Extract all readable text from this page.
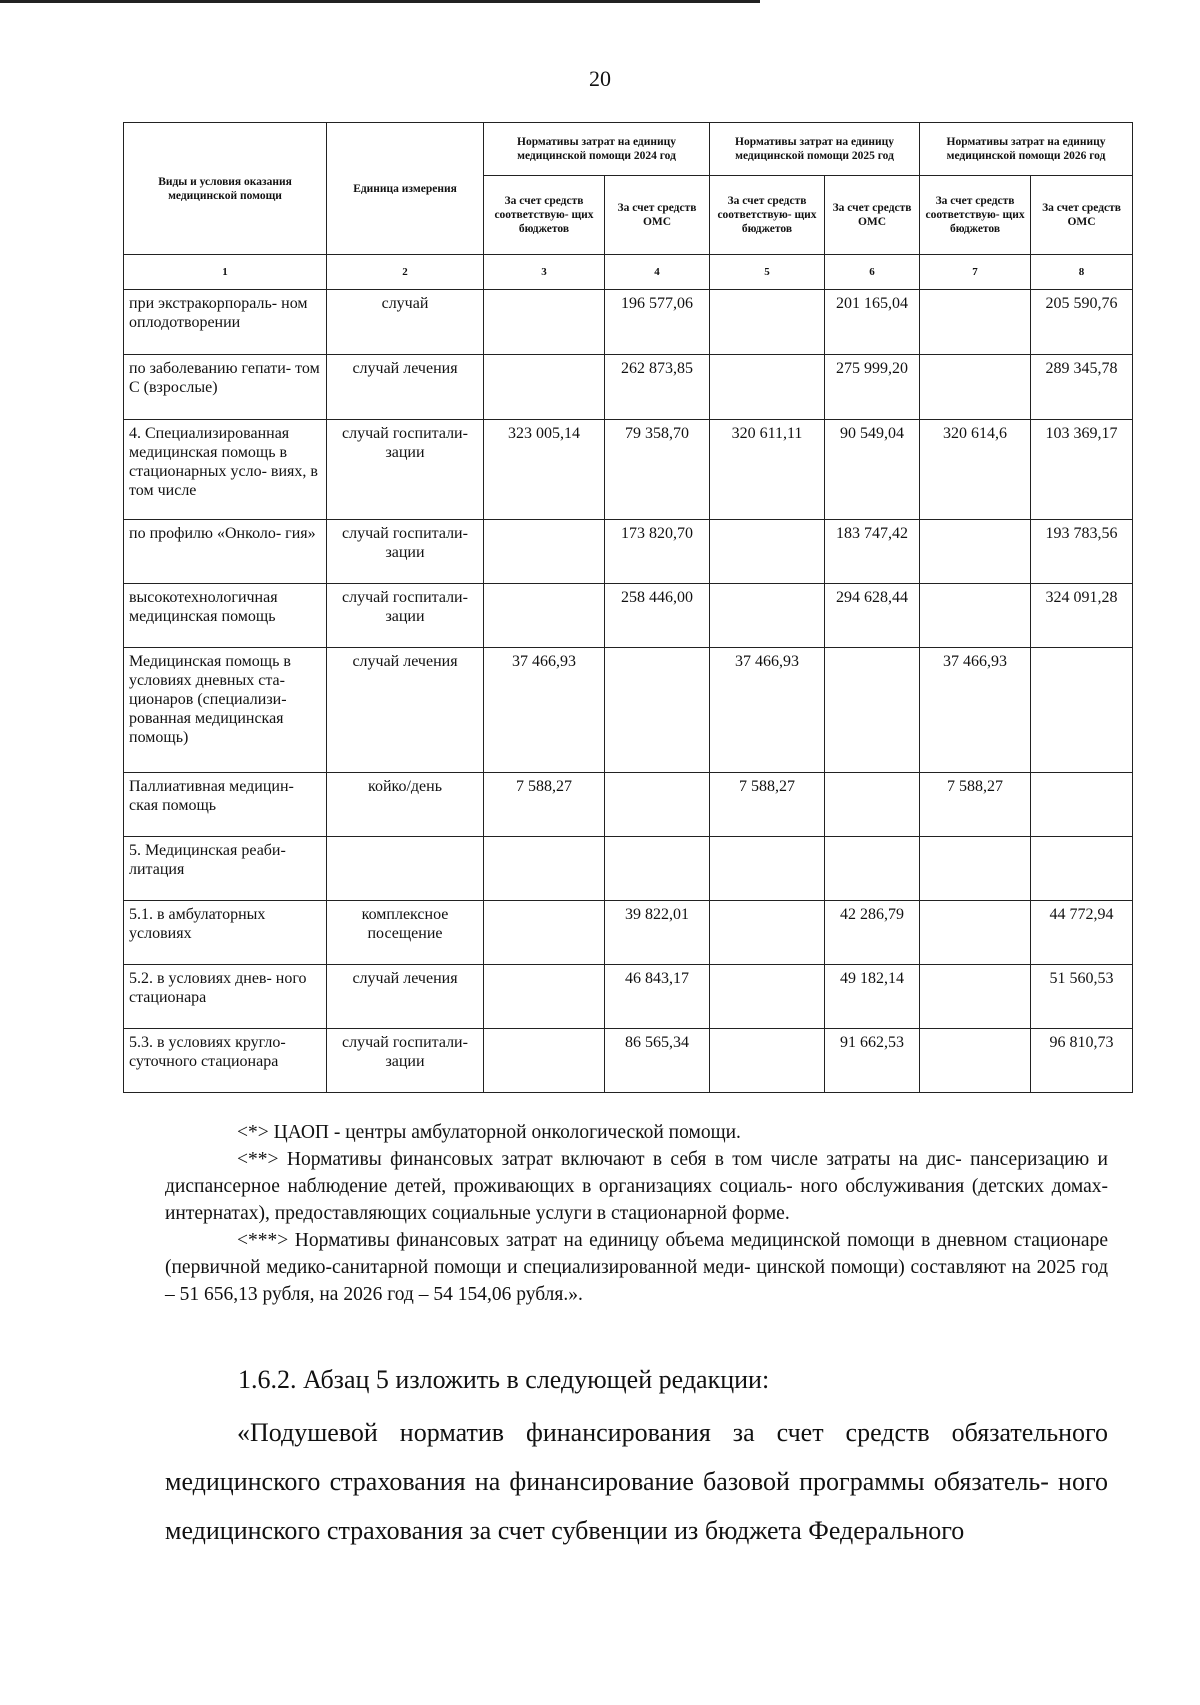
20
Виды и условия оказания медицинской помощи	Единица измерения	Нормативы затрат на единицу медицинской помощи 2024 год		Нормативы затрат на единицу медицинской помощи 2025 год		Нормативы затрат на единицу медицинской помощи 2026 год	
		За счет средств соответствую- щих бюджетов	За счет средств ОМС	За счет средств соответствую- щих бюджетов	За счет средств ОМС	За счет средств соответствую- щих бюджетов	За счет средств ОМС
1	2	3	4	5	6	7	8
при экстракорпораль- ном оплодотворении	случай		196 577,06		201 165,04		205 590,76
по заболеванию гепати- том С (взрослые)	случай лечения		262 873,85		275 999,20		289 345,78
4. Специализированная медицинская помощь в стационарных усло- виях, в том числе	случай госпитали- зации	323 005,14	79 358,70	320 611,11	90 549,04	320 614,6	103 369,17
по профилю «Онколо- гия»	случай госпитали- зации		173 820,70		183 747,42		193 783,56
высокотехнологичная медицинская помощь	случай госпитали- зации		258 446,00		294 628,44		324 091,28
Медицинская помощь в условиях дневных ста- ционаров (специализи- рованная медицинская помощь)	случай лечения	37 466,93		37 466,93		37 466,93	
Паллиативная медицин- ская помощь	койко/день	7 588,27		7 588,27		7 588,27	
5. Медицинская реаби- литация							
5.1. в амбулаторных условиях	комплексное посещение		39 822,01		42 286,79		44 772,94
5.2. в условиях днев- ного стационара	случай лечения		46 843,17		49 182,14		51 560,53
5.3. в условиях кругло- суточного стационара	случай госпитали- зации		86 565,34		91 662,53		96 810,73

<*> ЦАОП - центры амбулаторной онкологической помощи.

<**> Нормативы финансовых затрат включают в себя в том числе затраты на дис- пансеризацию и диспансерное наблюдение детей, проживающих в организациях социаль- ного обслуживания (детских домах-интернатах), предоставляющих социальные услуги в стационарной форме.

<***> Нормативы финансовых затрат на единицу объема медицинской помощи в дневном стационаре (первичной медико-санитарной помощи и специализированной меди- цинской помощи) составляют на 2025 год – 51 656,13 рубля, на 2026 год – 54 154,06 рубля.».

1.6.2. Абзац 5 изложить в следующей редакции:

«Подушевой норматив финансирования за счет средств обязательного медицинского страхования на финансирование базовой программы обязатель- ного медицинского страхования за счет субвенции из бюджета Федерального
